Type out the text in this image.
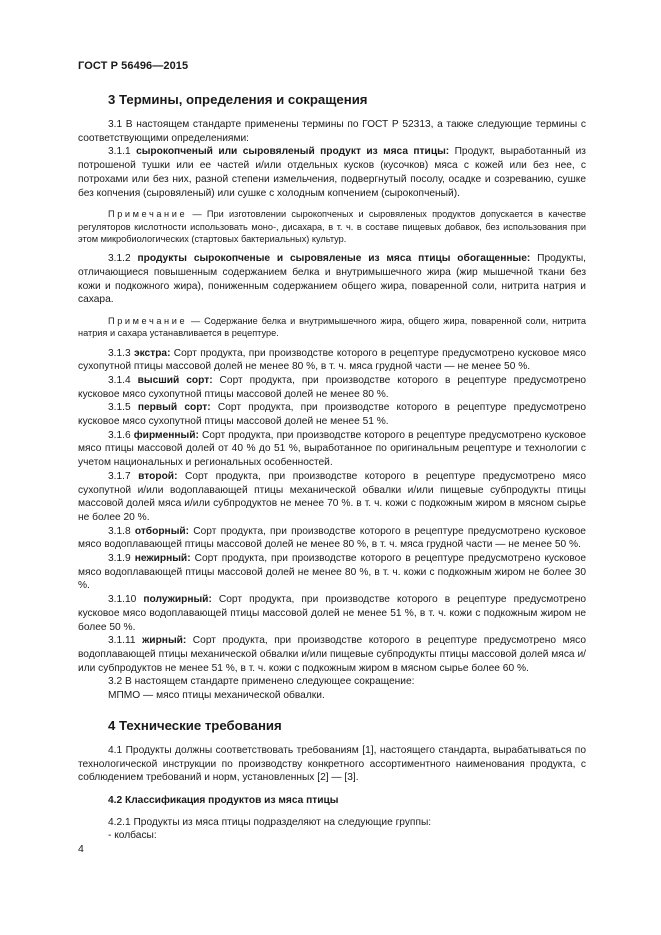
ГОСТ Р 56496—2015
3 Термины, определения и сокращения

3.1 В настоящем стандарте применены термины по ГОСТ Р 52313, а также следующие термины с соответствующими определениями:

3.1.1 сырокопченый или сыровяленый продукт из мяса птицы: Продукт, выработанный из потрошеной тушки или ее частей и/или отдельных кусков (кусочков) мяса с кожей или без нее, с потрохами или без них, разной степени измельчения, подвергнутый посолу, осадке и созреванию, сушке без копчения (сыровяленый) или сушке с холодным копчением (сырокопченый).

Примечание — При изготовлении сырокопченых и сыровяленых продуктов допускается в качестве регуляторов кислотности использовать моно-, дисахара, в т. ч. в составе пищевых добавок, без использования при этом микробиологических (стартовых бактериальных) культур.

3.1.2 продукты сырокопченые и сыровяленые из мяса птицы обогащенные: Продукты, отличающиеся повышенным содержанием белка и внутримышечного жира (жир мышечной ткани без кожи и подкожного жира), пониженным содержанием общего жира, поваренной соли, нитрита натрия и сахара.

Примечание — Содержание белка и внутримышечного жира, общего жира, поваренной соли, нитрита натрия и сахара устанавливается в рецептуре.

3.1.3 экстра: Сорт продукта, при производстве которого в рецептуре предусмотрено кусковое мясо сухопутной птицы массовой долей не менее 80 %, в т. ч. мяса грудной части — не менее 50 %.

3.1.4 высший сорт: Сорт продукта, при производстве которого в рецептуре предусмотрено кусковое мясо сухопутной птицы массовой долей не менее 80 %.

3.1.5 первый сорт: Сорт продукта, при производстве которого в рецептуре предусмотрено кусковое мясо сухопутной птицы массовой долей не менее 51 %.

3.1.6 фирменный: Сорт продукта, при производстве которого в рецептуре предусмотрено кусковое мясо птицы массовой долей от 40 % до 51 %, выработанное по оригинальным рецептуре и технологии с учетом национальных и региональных особенностей.

3.1.7 второй: Сорт продукта, при производстве которого в рецептуре предусмотрено мясо сухопутной и/или водоплавающей птицы механической обвалки и/или пищевые субпродукты птицы массовой долей мяса и/или субпродуктов не менее 70 %. в т. ч. кожи с подкожным жиром в мясном сырье не более 20 %.

3.1.8 отборный: Сорт продукта, при производстве которого в рецептуре предусмотрено кусковое мясо водоплавающей птицы массовой долей не менее 80 %, в т. ч. мяса грудной части — не менее 50 %.

3.1.9 нежирный: Сорт продукта, при производстве которого в рецептуре предусмотрено кусковое мясо водоплавающей птицы массовой долей не менее 80 %, в т. ч. кожи с подкожным жиром не более 30 %.

3.1.10 полужирный: Сорт продукта, при производстве которого в рецептуре предусмотрено кусковое мясо водоплавающей птицы массовой долей не менее 51 %, в т. ч. кожи с подкожным жиром не более 50 %.

3.1.11 жирный: Сорт продукта, при производстве которого в рецептуре предусмотрено мясо водоплавающей птицы механической обвалки и/или пищевые субпродукты птицы массовой долей мяса и/или субпродуктов не менее 51 %, в т. ч. кожи с подкожным жиром в мясном сырье более 60 %.

3.2 В настоящем стандарте применено следующее сокращение:

МПМО — мясо птицы механической обвалки.

4 Технические требования

4.1 Продукты должны соответствовать требованиям [1], настоящего стандарта, вырабатываться по технологической инструкции по производству конкретного ассортиментного наименования продукта, с соблюдением требований и норм, установленных [2] — [3].

4.2 Классификация продуктов из мяса птицы

4.2.1 Продукты из мяса птицы подразделяют на следующие группы:

- колбасы:

4
